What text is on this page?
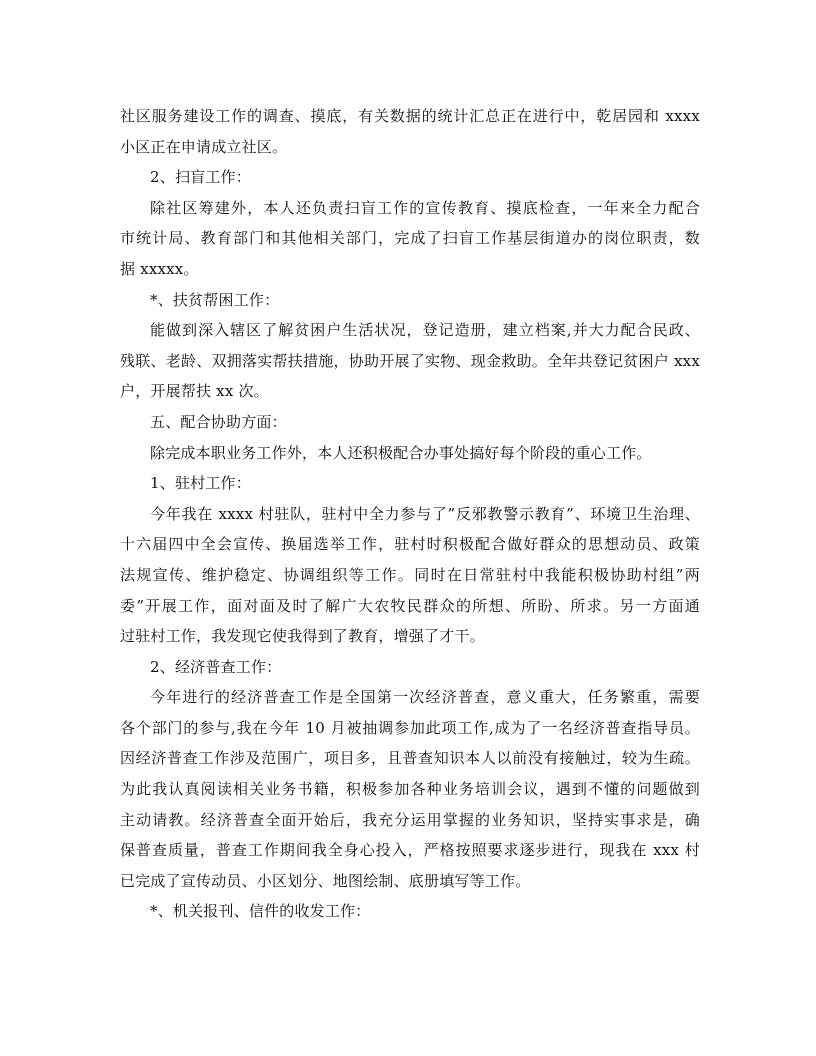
社区服务建设工作的调查、摸底，有关数据的统计汇总正在进行中，乾居园和 xxxx
小区正在申请成立社区。
2、扫盲工作：
除社区筹建外，本人还负责扫盲工作的宣传教育、摸底检查，一年来全力配合
市统计局、教育部门和其他相关部门，完成了扫盲工作基层街道办的岗位职责，数
据 xxxxx。
*、扶贫帮困工作：
能做到深入辖区了解贫困户生活状况，登记造册，建立档案,并大力配合民政、
残联、老龄、双拥落实帮扶措施，协助开展了实物、现金救助。全年共登记贫困户 xxx
户，开展帮扶 xx 次。
五、配合协助方面：
除完成本职业务工作外，本人还积极配合办事处搞好每个阶段的重心工作。
1、驻村工作：
今年我在 xxxx 村驻队，驻村中全力参与了”反邪教警示教育”、环境卫生治理、
十六届四中全会宣传、换届选举工作，驻村时积极配合做好群众的思想动员、政策
法规宣传、维护稳定、协调组织等工作。同时在日常驻村中我能积极协助村组”两
委”开展工作，面对面及时了解广大农牧民群众的所想、所盼、所求。另一方面通
过驻村工作，我发现它使我得到了教育，增强了才干。
2、经济普查工作：
今年进行的经济普查工作是全国第一次经济普查，意义重大，任务繁重，需要
各个部门的参与,我在今年 10 月被抽调参加此项工作,成为了一名经济普查指导员。
因经济普查工作涉及范围广，项目多，且普查知识本人以前没有接触过，较为生疏。
为此我认真阅读相关业务书籍，积极参加各种业务培训会议，遇到不懂的问题做到
主动请教。经济普查全面开始后，我充分运用掌握的业务知识，坚持实事求是，确
保普查质量，普查工作期间我全身心投入，严格按照要求逐步进行，现我在 xxx 村
已完成了宣传动员、小区划分、地图绘制、底册填写等工作。
*、机关报刊、信件的收发工作：
